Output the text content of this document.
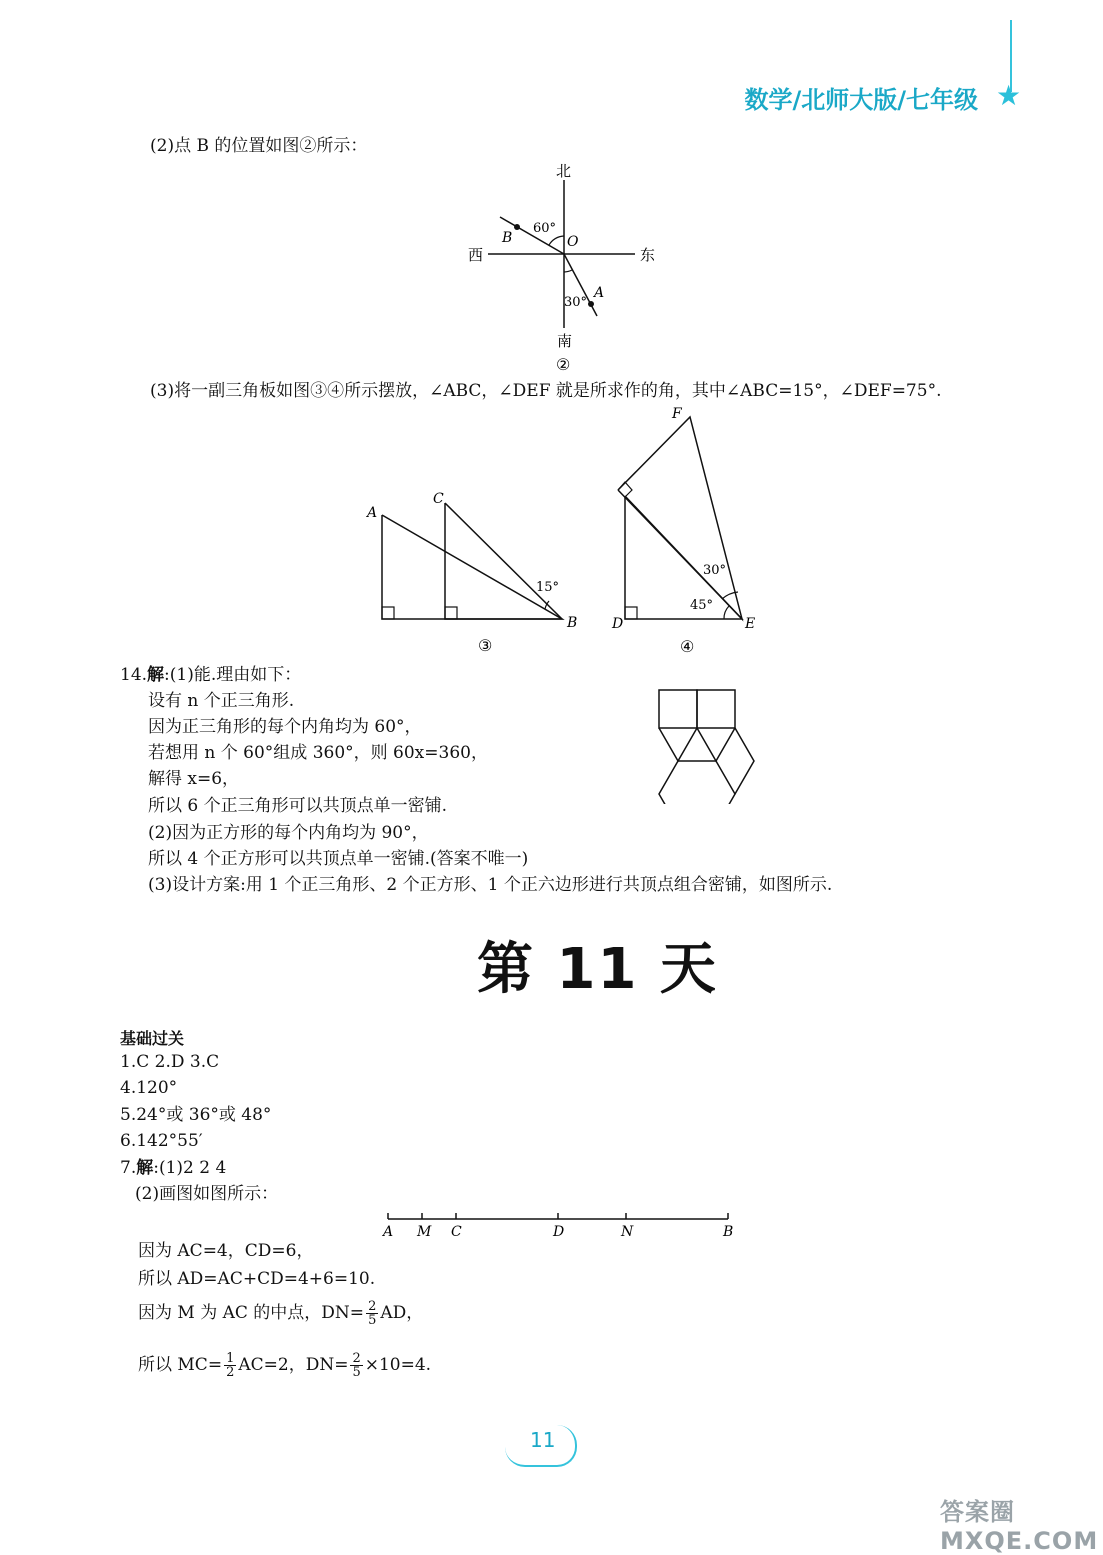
数学/北师大版/七年级 ★
(2)点 B 的位置如图②所示：
北
南
西	东
B	O
A
60°
30°
②
(3)将一副三角板如图③④所示摆放，∠ABC，∠DEF 就是所求作的角，其中∠ABC=15°，∠DEF=75°.
A
C
B
15°
③
F
D	E
30°
45°
④
14.解:(1)能.理由如下：
设有 n 个正三角形.
因为正三角形的每个内角均为 60°，
若想用 n 个 60°组成 360°，则 60x=360，
解得 x=6，
所以 6 个正三角形可以共顶点单一密铺.
(2)因为正方形的每个内角均为 90°，
所以 4 个正方形可以共顶点单一密铺.(答案不唯一)
(3)设计方案:用 1 个正三角形、2 个正方形、1 个正六边形进行共顶点组合密铺，如图所示.
第 11 天
基础过关
1.C 2.D 3.C
4.120°
5.24°或 36°或 48°
6.142°55′
7.解:(1)2 2 4
(2)画图如图所示：
A M C	D	N	B
因为 AC=4，CD=6，
所以 AD=AC+CD=4+6=10.
因为 M 为 AC 的中点，$DN= \frac{2}{5}$ AD，
所以 $MC= \frac{1}{2} AC=2$，$DN= \frac{2}{5} \times 10=4$.
11
答案圈 MXQE.COM
